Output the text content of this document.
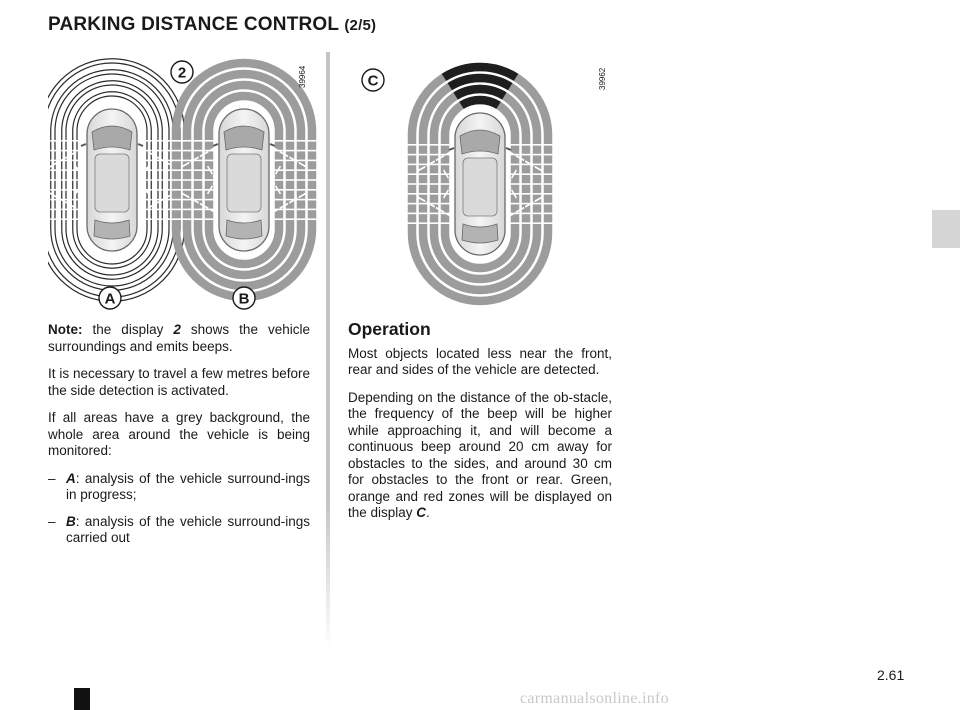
PARKING DISTANCE CONTROL (2/5)
2
A	B
39964	C	39962

Note: the display 2 shows the vehicle surroundings and emits beeps.

It is necessary to travel a few metres before the side detection is activated.

If all areas have a grey background, the whole area around the vehicle is being monitored:

– A: analysis of the vehicle surround-ings in progress;
– B: analysis of the vehicle surround-ings carried out
Operation

Most objects located less near the front, rear and sides of the vehicle are detected.

Depending on the distance of the ob-stacle, the frequency of the beep will be higher while approaching it, and will become a continuous beep around 20 cm away for obstacles to the sides, and around 30 cm for obstacles to the front or rear. Green, orange and red zones will be displayed on the display C.

2.61
carmanualsonline.info
